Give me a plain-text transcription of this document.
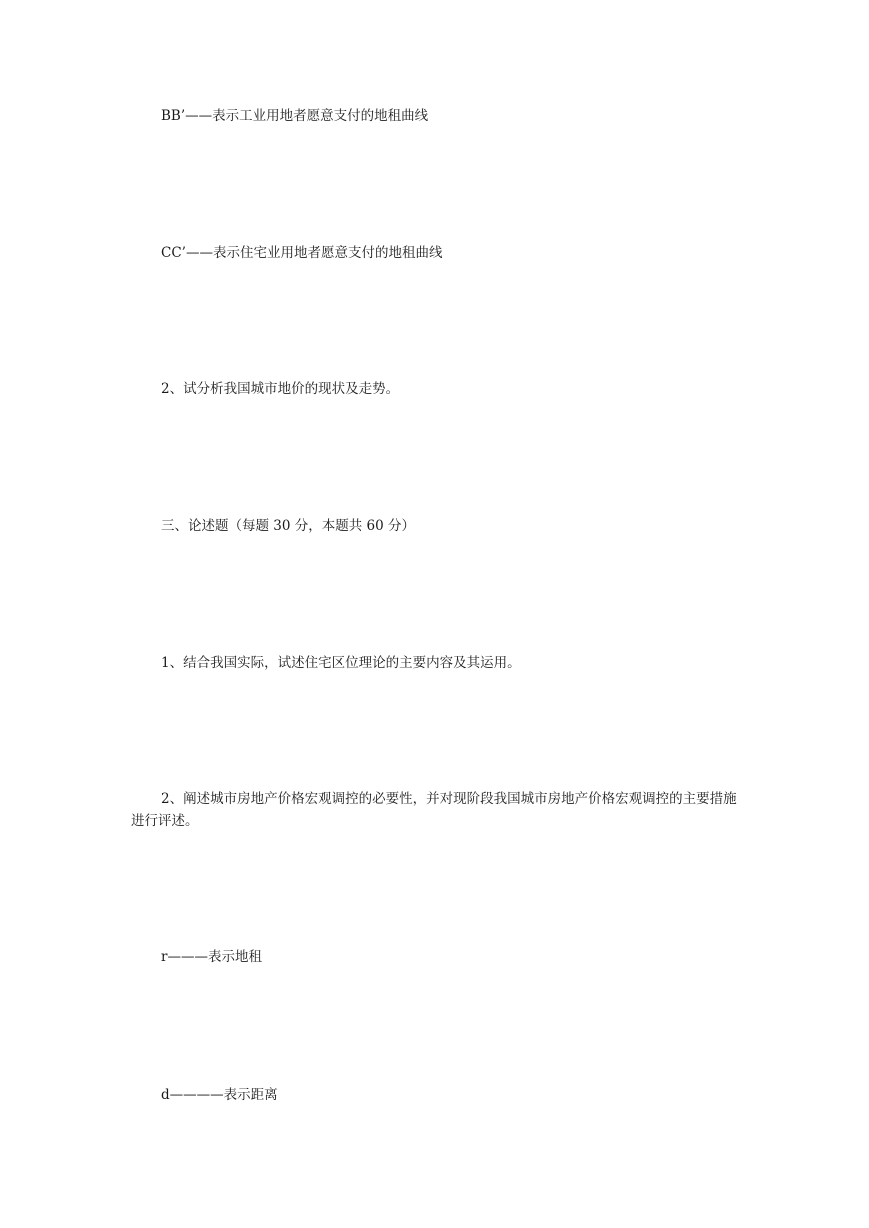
BB’——表示工业用地者愿意支付的地租曲线

CC’——表示住宅业用地者愿意支付的地租曲线

2、试分析我国城市地价的现状及走势。

三、论述题（每题 30 分，本题共 60 分）

1、结合我国实际，试述住宅区位理论的主要内容及其运用。

2、阐述城市房地产价格宏观调控的必要性，并对现阶段我国城市房地产价格宏观调控的主要措施进行评述。

r———表示地租

d————表示距离
